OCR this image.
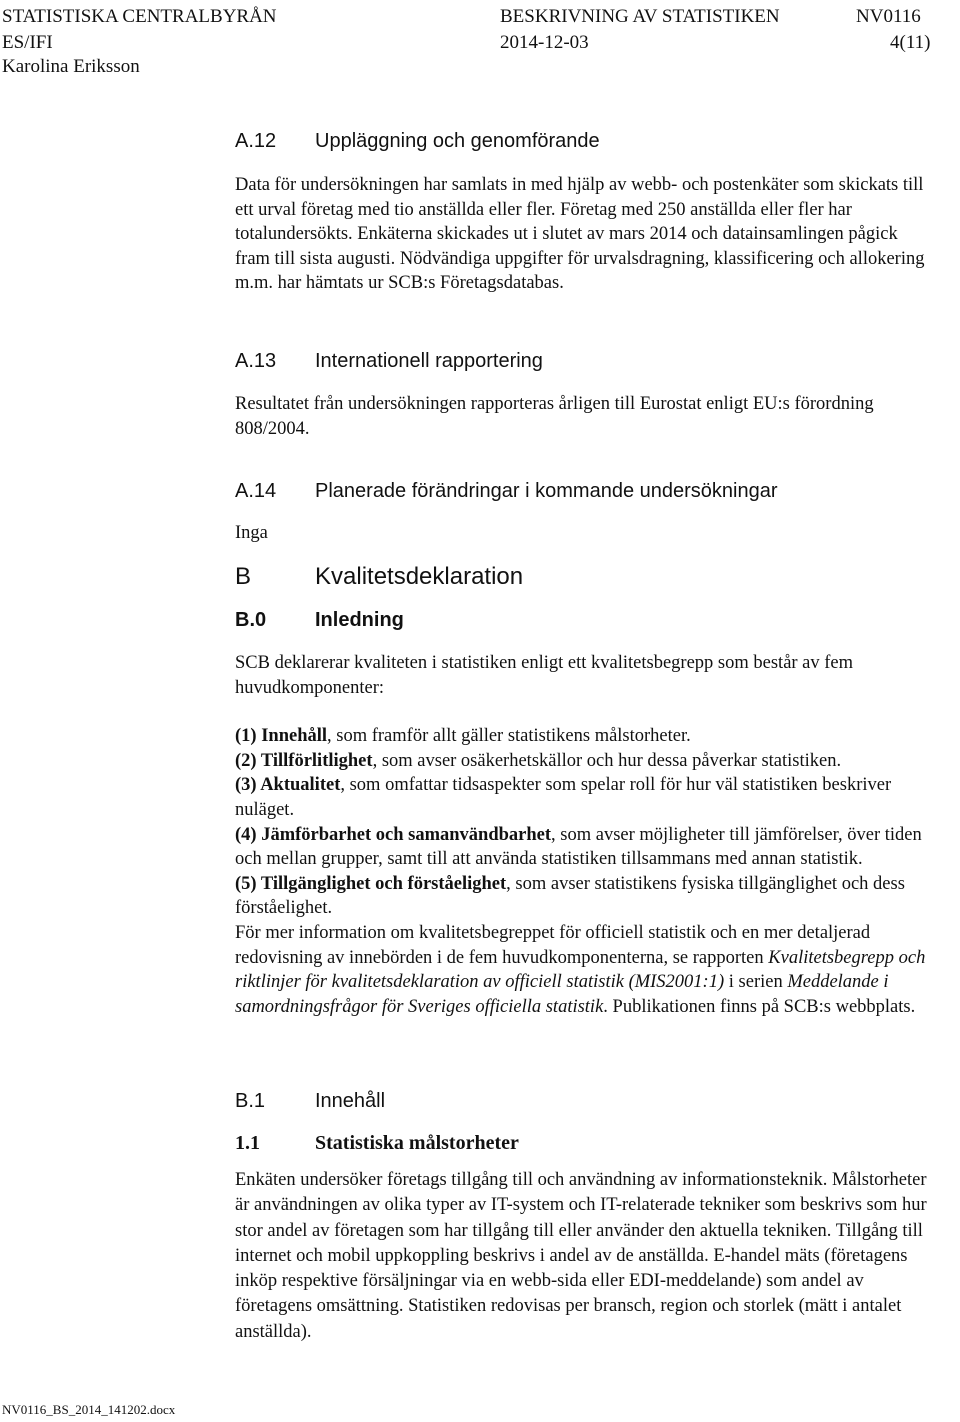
STATISTISKA CENTRALBYRÅN	BESKRIVNING AV STATISTIKEN	NV0116
ES/IFI	2014-12-03	4(11)
Karolina Eriksson
A.12 Uppläggning och genomförande

Data för undersökningen har samlats in med hjälp av webb- och postenkäter som skickats till ett urval företag med tio anställda eller fler. Företag med 250 anställda eller fler har totalundersökts. Enkäterna skickades ut i slutet av mars 2014 och datainsamlingen pågick fram till sista augusti. Nödvändiga uppgifter för urvalsdragning, klassificering och allokering m.m. har hämtats ur SCB:s Företagsdatabas.

A.13 Internationell rapportering

Resultatet från undersökningen rapporteras årligen till Eurostat enligt EU:s förordning 808/2004.

A.14 Planerade förändringar i kommande undersökningar

Inga

B	Kvalitetsdeklaration
B.0 Inledning

SCB deklarerar kvaliteten i statistiken enligt ett kvalitetsbegrepp som består av fem huvudkomponenter:

(1) Innehåll, som framför allt gäller statistikens målstorheter.

(2) Tillförlitlighet, som avser osäkerhetskällor och hur dessa påverkar statistiken.

(3) Aktualitet, som omfattar tidsaspekter som spelar roll för hur väl statistiken beskriver nuläget.

(4) Jämförbarhet och samanvändbarhet, som avser möjligheter till jämförelser, över tiden och mellan grupper, samt till att använda statistiken tillsammans med annan statistik.

(5) Tillgänglighet och förståelighet, som avser statistikens fysiska tillgänglighet och dess förståelighet.

För mer information om kvalitetsbegreppet för officiell statistik och en mer detaljerad redovisning av innebörden i de fem huvudkomponenterna, se rapporten Kvalitetsbegrepp och riktlinjer för kvalitetsdeklaration av officiell statistik (MIS2001:1) i serien Meddelande i samordningsfrågor för Sveriges officiella statistik. Publikationen finns på SCB:s webbplats.

B.1 Innehåll
1.1	Statistiska målstorheter

Enkäten undersöker företags tillgång till och användning av informationsteknik. Målstorheter är användningen av olika typer av IT-system och IT-relaterade tekniker som beskrivs som hur stor andel av företagen som har tillgång till eller använder den aktuella tekniken. Tillgång till internet och mobil uppkoppling beskrivs i andel av de anställda. E-handel mäts (företagens inköp respektive försäljningar via en webb-sida eller EDI-meddelande) som andel av företagens omsättning. Statistiken redovisas per bransch, region och storlek (mätt i antalet anställda).

NV0116_BS_2014_141202.docx
